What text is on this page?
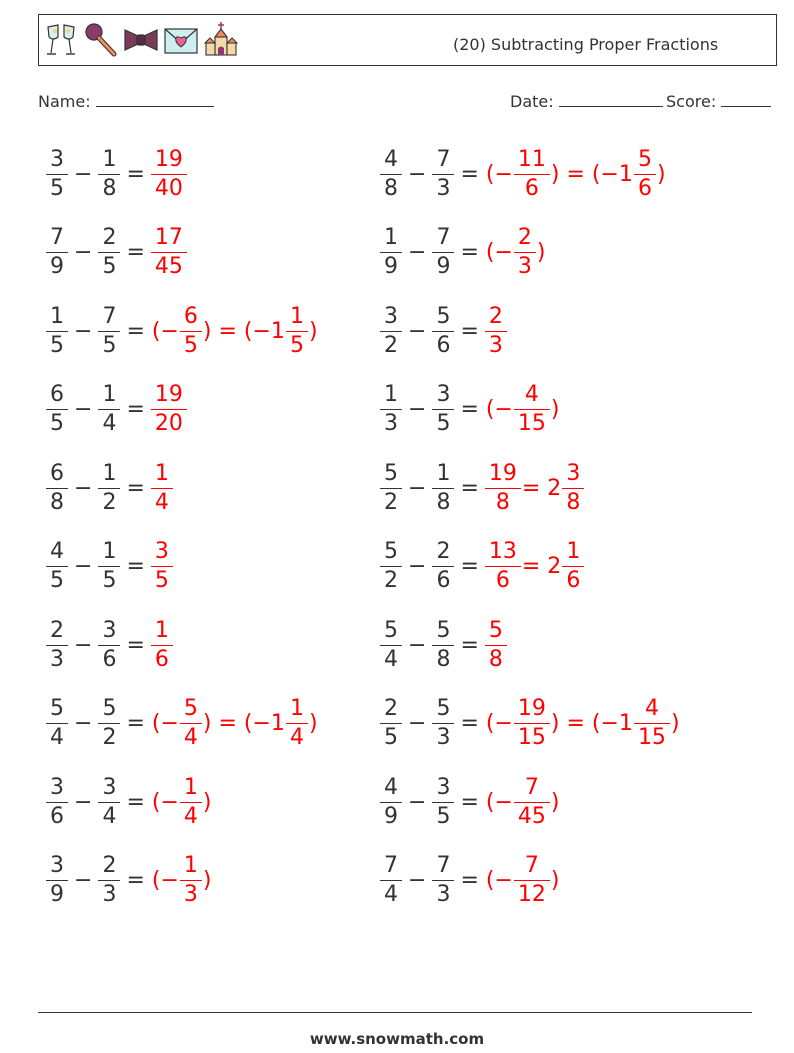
(20) Subtracting Proper Fractions
Name:	Date:	Score:
$\frac{3}{5} - \frac{1}{8} = \frac{19}{40}$	$\frac{4}{8} - \frac{7}{3}$ = (− $\frac{11}{6}$ ) = ($-1 \frac{5}{6}$ )
$\frac{7}{9} - \frac{2}{5} = \frac{17}{45}$	$\frac{1}{9} - \frac{7}{9}$ = (− $\frac{2}{3}$ )
$\frac{1}{5} - \frac{7}{5}$ = (− $\frac{6}{5}$ ) = ($-1 \frac{1}{5}$ )	$\frac{3}{2} - \frac{5}{6} = \frac{2}{3}$
$\frac{6}{5} - \frac{1}{4} = \frac{19}{20}$	$\frac{1}{3} - \frac{3}{5}$ = (− $\frac{4}{15}$ )
$\frac{6}{8} - \frac{1}{2} = \frac{1}{4}$	$\frac{5}{2} - \frac{1}{8} = \frac{19}{8} = 2 \frac{3}{8}$
$\frac{4}{5} - \frac{1}{5} = \frac{3}{5}$	$\frac{5}{2} - \frac{2}{6} = \frac{13}{6} = 2 \frac{1}{6}$
$\frac{2}{3} - \frac{3}{6} = \frac{1}{6}$	$\frac{5}{4} - \frac{5}{8} = \frac{5}{8}$
$\frac{5}{4} - \frac{5}{2}$ = (− $\frac{5}{4}$ ) = ($-1 \frac{1}{4}$ )	$\frac{2}{5} - \frac{5}{3}$ = (− $\frac{19}{15}$ ) = ($-1 \frac{4}{15}$ )
$\frac{3}{6} - \frac{3}{4}$ = (− $\frac{1}{4}$ )	$\frac{4}{9} - \frac{3}{5}$ = (− $\frac{7}{45}$ )
$\frac{3}{9} - \frac{2}{3}$ = (− $\frac{1}{3}$ )	$\frac{7}{4} - \frac{7}{3}$ = (− $\frac{7}{12}$ )
www.snowmath.com
